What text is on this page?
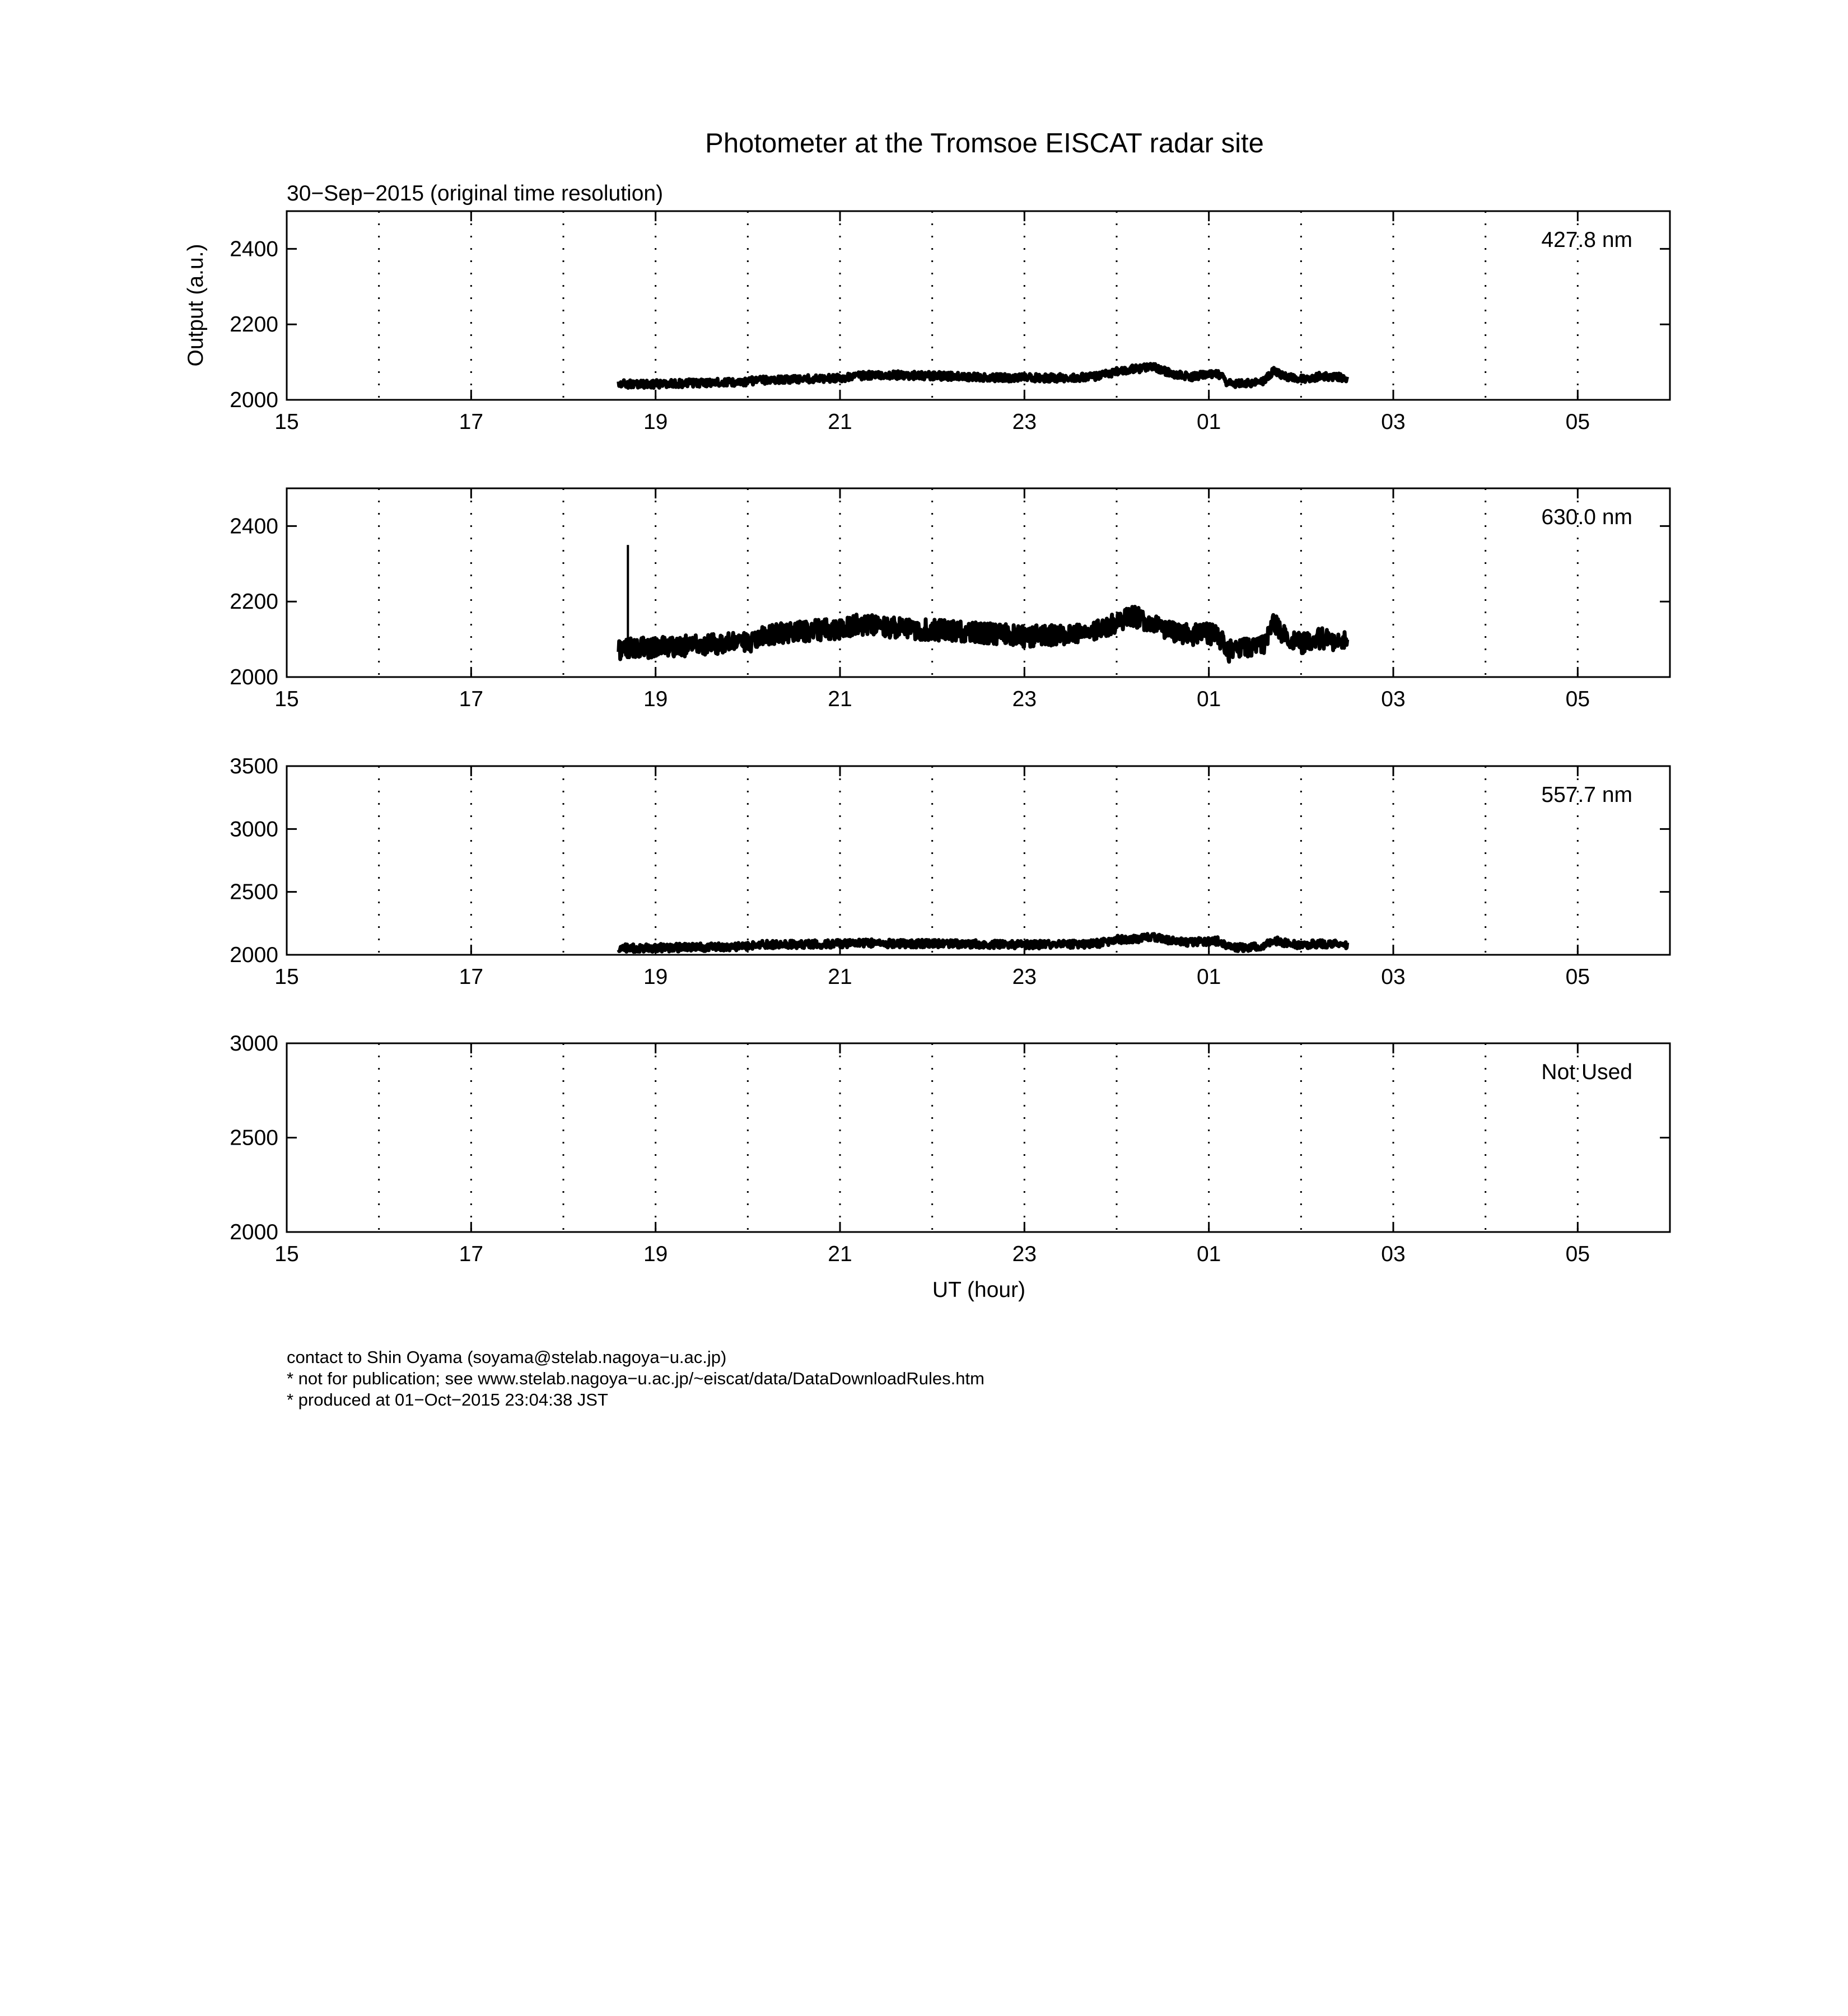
Photometer at the Tromsoe EISCAT radar site
30−Sep−2015 (original time resolution)
Output (a.u.)
UT (hour)
15	17	19	21	23	01	03	05
2000
2200
2400	427.8 nm
15	17	19	21	23	01	03	05
2000
2200
2400	630.0 nm
15	17	19	21	23	01	03	05
2000
2500
3000
3500
557.7 nm
15	17	19	21	23	01	03	05
2000
2500
3000
Not Used
contact to Shin Oyama (soyama@stelab.nagoya−u.ac.jp)
* not for publication; see www.stelab.nagoya−u.ac.jp/~eiscat/data/DataDownloadRules.htm
* produced at 01−Oct−2015 23:04:38 JST
